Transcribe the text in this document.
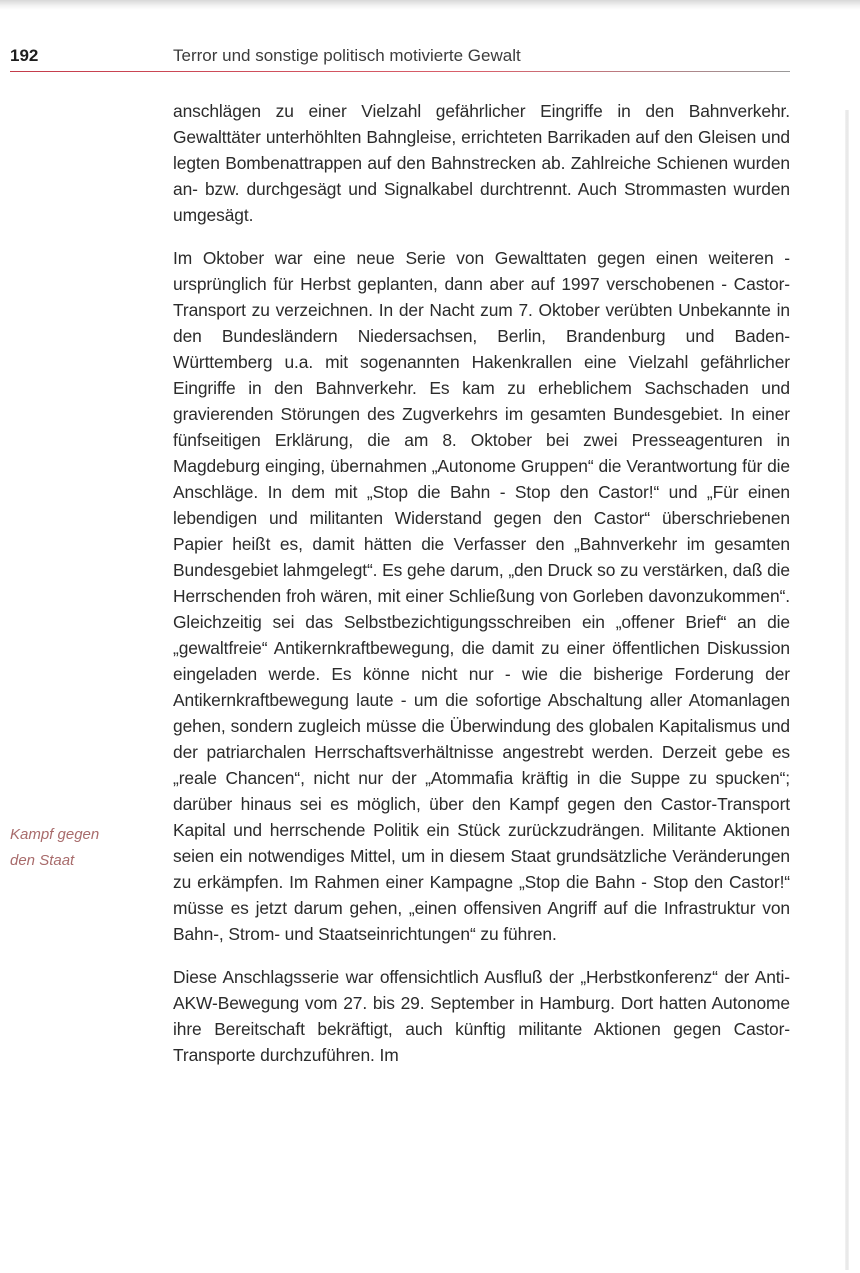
192	Terror und sonstige politisch motivierte Gewalt
Kampf gegen
den Staat

anschlägen zu einer Vielzahl gefährlicher Eingriffe in den Bahnverkehr. Gewalttäter unterhöhlten Bahngleise, errichteten Barrikaden auf den Gleisen und legten Bombenattrappen auf den Bahnstrecken ab. Zahlreiche Schienen wurden an- bzw. durchgesägt und Signalkabel durchtrennt. Auch Strommasten wurden umgesägt.

Im Oktober war eine neue Serie von Gewalttaten gegen einen weiteren - ursprünglich für Herbst geplanten, dann aber auf 1997 verschobenen - Castor-Transport zu verzeichnen. In der Nacht zum 7. Oktober verübten Unbekannte in den Bundesländern Niedersachsen, Berlin, Brandenburg und Baden-Württemberg u.a. mit sogenannten Hakenkrallen eine Vielzahl gefährlicher Eingriffe in den Bahnverkehr. Es kam zu erheblichem Sachschaden und gravierenden Störungen des Zugverkehrs im gesamten Bundesgebiet. In einer fünfseitigen Erklärung, die am 8. Oktober bei zwei Presseagenturen in Magdeburg einging, übernahmen „Autonome Gruppen“ die Verantwortung für die Anschläge. In dem mit „Stop die Bahn - Stop den Castor!“ und „Für einen lebendigen und militanten Widerstand gegen den Castor“ überschriebenen Papier heißt es, damit hätten die Verfasser den „Bahnverkehr im gesamten Bundesgebiet lahmgelegt“. Es gehe darum, „den Druck so zu verstärken, daß die Herrschenden froh wären, mit einer Schließung von Gorleben davonzukommen“. Gleichzeitig sei das Selbstbezichtigungsschreiben ein „offener Brief“ an die „gewaltfreie“ Antikernkraftbewegung, die damit zu einer öffentlichen Diskussion eingeladen werde. Es könne nicht nur - wie die bisherige Forderung der Antikernkraftbewegung laute - um die sofortige Abschaltung aller Atomanlagen gehen, sondern zugleich müsse die Überwindung des globalen Kapitalismus und der patriarchalen Herrschaftsverhältnisse angestrebt werden. Derzeit gebe es „reale Chancen“, nicht nur der „Atommafia kräftig in die Suppe zu spucken“; darüber hinaus sei es möglich, über den Kampf gegen den Castor-Transport Kapital und herrschende Politik ein Stück zurückzudrängen. Militante Aktionen seien ein notwendiges Mittel, um in diesem Staat grundsätzliche Veränderungen zu erkämpfen. Im Rahmen einer Kampagne „Stop die Bahn - Stop den Castor!“ müsse es jetzt darum gehen, „einen offensiven Angriff auf die Infrastruktur von Bahn-, Strom- und Staatseinrichtungen“ zu führen.

Diese Anschlagsserie war offensichtlich Ausfluß der „Herbstkonferenz“ der Anti-AKW-Bewegung vom 27. bis 29. September in Hamburg. Dort hatten Autonome ihre Bereitschaft bekräftigt, auch künftig militante Aktionen gegen Castor-Transporte durchzuführen. Im
